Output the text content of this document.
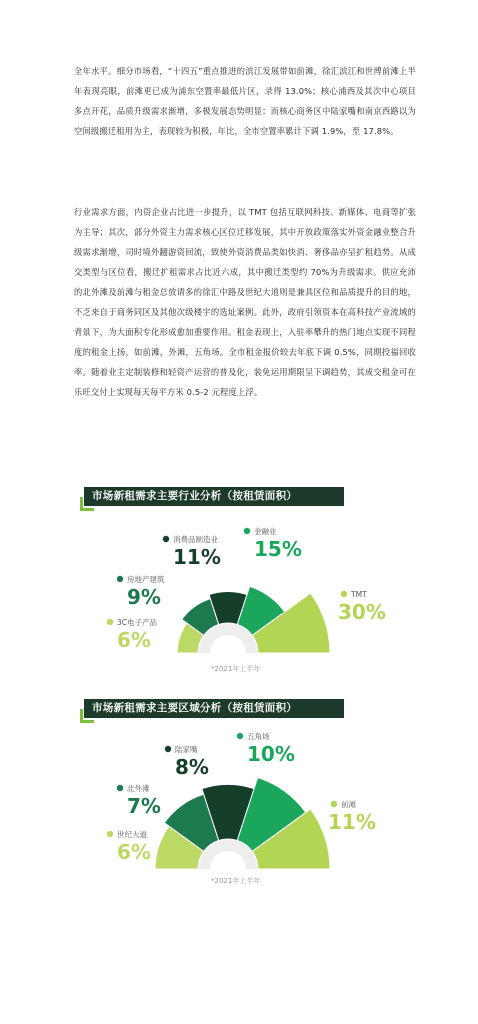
全年水平。细分市场看，“十四五”重点推进的滨江发展带如前滩，徐汇滨江和世博前滩上半年表现亮眼，前滩更已成为浦东空置率最低片区，录得 13.0%；核心浦西及其次中心项目多点开花，品质升级需求渐增，多极发展态势明显；而核心商务区中陆家嘴和南京西路以为空间级搬迁租用为主，表现较为积极，年比，全市空置率累计下调 1.9%，至 17.8%。

行业需求方面，内资企业占比进一步提升，以 TMT 包括互联网科技、新媒体、电商等扩张为主导；其次，部分外资主力需求核心区位迁移发展，其中开放政策落实外资金融业整合升级需求渐增，司时境外翻游资回流，致使外资消费品类如快消、奢侈品亦呈扩租趋势。从成交类型与区位看，搬迁扩租需求占比近六成，其中搬迁类型约 70%为升级需求。供应充沛的北外滩及前滩与租金总放请多的徐汇中路及世纪大道则是兼具区位和品质提升的目的地，不乏来自于商务同区及其他次级楼宇的选址案例。此外，政府引领资本在高科技产业流域的背景下，为大面积专化形成愈加重要作用。租金表现上，入驻率攀升的热门地点实现不同程度的租金上扬，如前滩，外滩，五角场。全市租金报价较去年底下调 0.5%，同期投福回收率。随着业主定制装修和轻资产运营的普及化，装免运用期限呈下调趋势，其成交租金可在乐旺交付上实现每天每平方米 0.5-2 元程度上浮。

市场新租需求主要行业分析（按租赁面积）
3C电子产品
6%
房地产建筑
9%
消费品制造业
11%
金融业
15%
TMT
30%
*2021年上半年
市场新租需求主要区域分析（按租赁面积）
世纪大道
6%
北外滩
7%
陆家嘴
8%
五角场
10%
前滩
11%
*2021年上半年
